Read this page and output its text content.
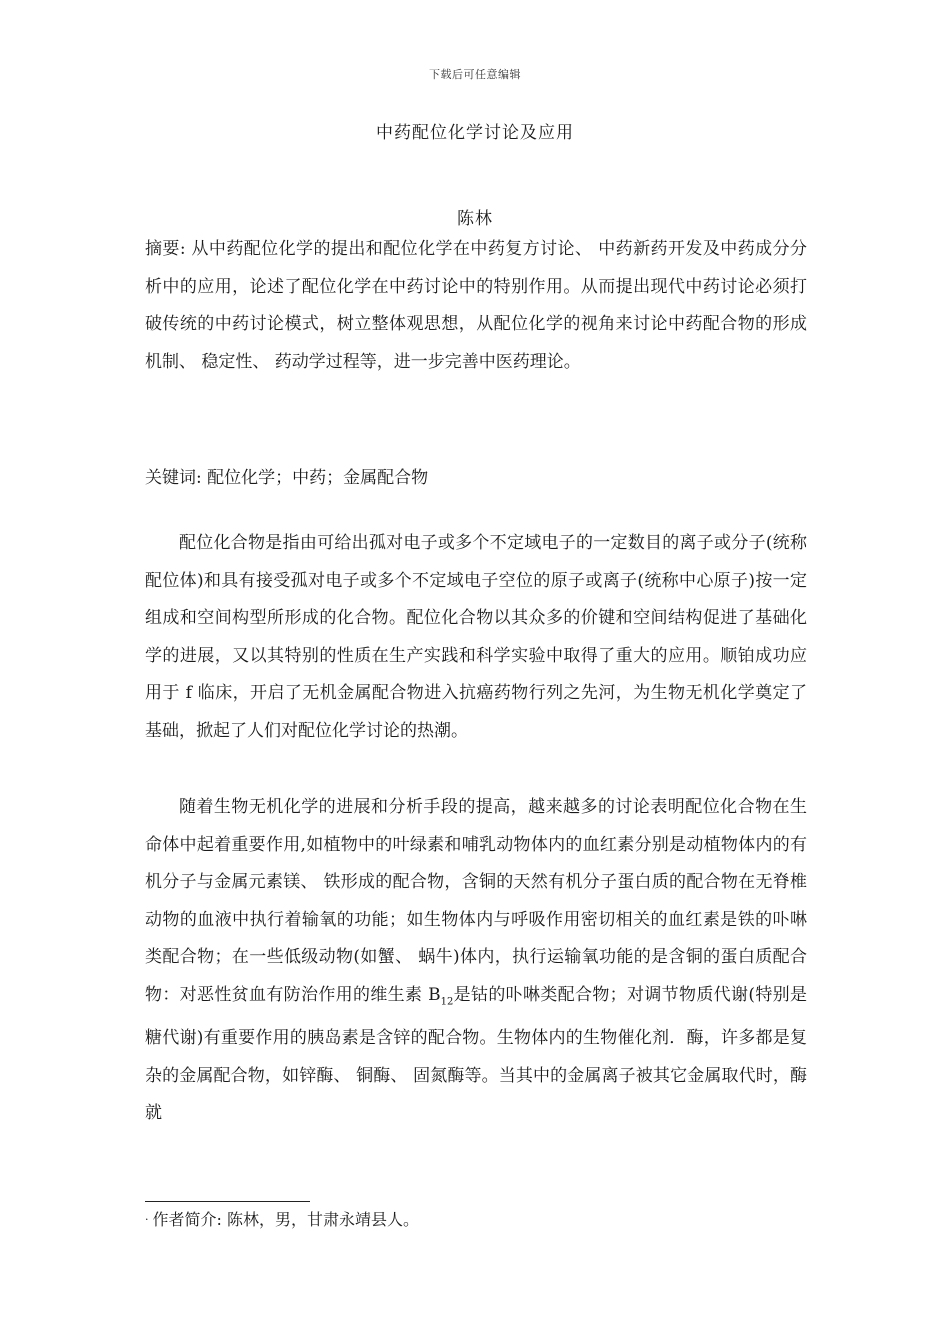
下载后可任意编辑
中药配位化学讨论及应用
陈林
摘要: 从中药配位化学的提出和配位化学在中药复方讨论、 中药新药开发及中药成分分析中的应用，论述了配位化学在中药讨论中的特别作用。从而提出现代中药讨论必须打破传统的中药讨论模式，树立整体观思想，从配位化学的视角来讨论中药配合物的形成机制、 稳定性、 药动学过程等，进一步完善中医药理论。
关键词: 配位化学；中药；金属配合物
配位化合物是指由可给出孤对电子或多个不定域电子的一定数目的离子或分子(统称配位体)和具有接受孤对电子或多个不定域电子空位的原子或离子(统称中心原子)按一定组成和空间构型所形成的化合物。配位化合物以其众多的价键和空间结构促进了基础化学的进展，又以其特别的性质在生产实践和科学实验中取得了重大的应用。顺铂成功应用于 f 临床，开启了无机金属配合物进入抗癌药物行列之先河，为生物无机化学奠定了基础，掀起了人们对配位化学讨论的热潮。
随着生物无机化学的进展和分析手段的提高，越来越多的讨论表明配位化合物在生命体中起着重要作用,如植物中的叶绿素和哺乳动物体内的血红素分别是动植物体内的有机分子与金属元素镁、 铁形成的配合物，含铜的天然有机分子蛋白质的配合物在无脊椎动物的血液中执行着输氧的功能；如生物体内与呼吸作用密切相关的血红素是铁的卟啉类配合物；在一些低级动物(如蟹、 蜗牛)体内，执行运输氧功能的是含铜的蛋白质配合物：对恶性贫血有防治作用的维生素 $B_{12}$是钴的卟啉类配合物；对调节物质代谢(特别是糖代谢)有重要作用的胰岛素是含锌的配合物。生物体内的生物催化剂．酶，许多都是复杂的金属配合物，如锌酶、 铜酶、 固氮酶等。当其中的金属离子被其它金属取代时，酶就
· 作者简介: 陈林，男，甘肃永靖县人。
